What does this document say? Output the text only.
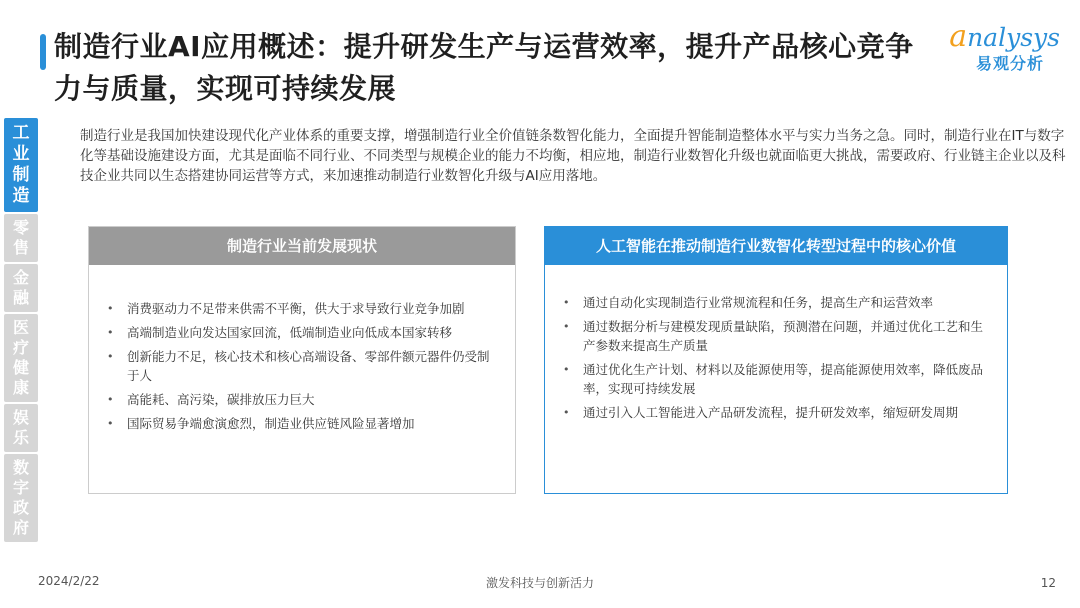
制造行业AI应用概述：提升研发生产与运营效率，提升产品核心竞争力与质量，实现可持续发展
analysys
易观分析
工
业
制
造
零
售
金
融
医
疗
健
康
娱
乐
数
字
政
府
制造行业是我国加快建设现代化产业体系的重要支撑，增强制造行业全价值链条数智化能力，全面提升智能制造整体水平与实力当务之急。同时，制造行业在IT与数字化等基础设施建设方面，尤其是面临不同行业、不同类型与规模企业的能力不均衡，相应地，制造行业数智化升级也就面临更大挑战，需要政府、行业链主企业以及科技企业共同以生态搭建协同运营等方式，来加速推动制造行业数智化升级与AI应用落地。
制造行业当前发展现状
• 消费驱动力不足带来供需不平衡，供大于求导致行业竞争加剧
• 高端制造业向发达国家回流，低端制造业向低成本国家转移
• 创新能力不足，核心技术和核心高端设备、零部件额元器件仍受制于人
• 高能耗、高污染，碳排放压力巨大
• 国际贸易争端愈演愈烈，制造业供应链风险显著增加
人工智能在推动制造行业数智化转型过程中的核心价值
• 通过自动化实现制造行业常规流程和任务，提高生产和运营效率
• 通过数据分析与建模发现质量缺陷，预测潜在问题，并通过优化工艺和生产参数来提高生产质量
• 通过优化生产计划、材料以及能源使用等，提高能源使用效率，降低废品率，实现可持续发展
• 通过引入人工智能进入产品研发流程，提升研发效率，缩短研发周期
2024/2/22	激发科技与创新活力	12
